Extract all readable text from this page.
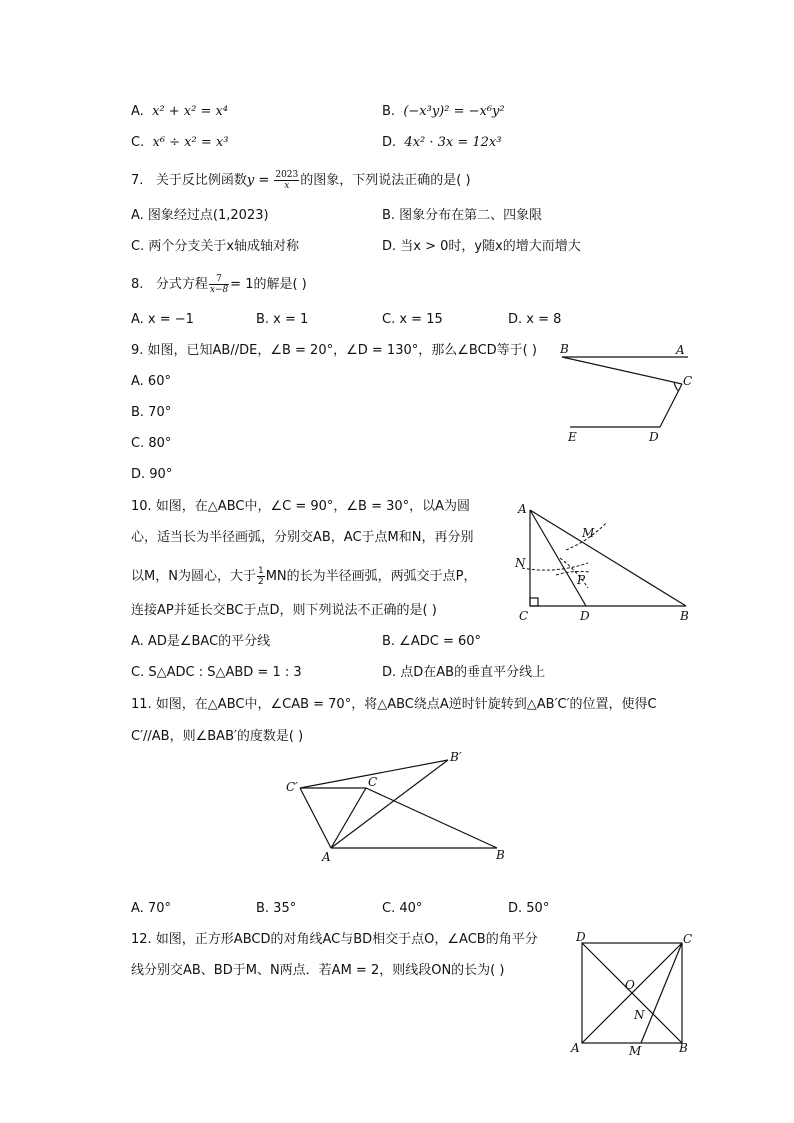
A. x² + x² = x⁴	B. (−x³y)² = −x⁶y²
C. x⁶ ÷ x² = x³	D. 4x² · 3x = 12x³
7. 关于反比例函数$y = \frac{2023}{x}$ 的图象，下列说法正确的是( )
A. 图象经过点(1,2023)	B. 图象分布在第二、四象限
C. 两个分支关于x轴成轴对称	D. 当x > 0时，y随x的增大而增大
8. 分式方程 $\frac{7}{x-8} = 1$的解是( )
A. x = −1	B. x = 1	C. x = 15	D. x = 8
9. 如图，已知AB//DE，∠B = 20°，∠D = 130°，那么∠BCD等于( )
A. 60°
B. 70°
C. 80°
D. 90°
B	A
C
E	D
10. 如图，在△ABC中，∠C = 90°，∠B = 30°，以A为圆
心，适当长为半径画弧，分别交AB，AC于点M和N，再分别
以M，N为圆心，大于 $\frac{1}{2}$ MN的长为半径画弧，两弧交于点P，
连接AP并延长交BC于点D，则下列说法不正确的是( )
A. AD是∠BAC的平分线	B. ∠ADC = 60°
C. S△ADC : S△ABD = 1 : 3	D. 点D在AB的垂直平分线上
A
M
N
P
C	D	B
11. 如图，在△ABC中，∠CAB = 70°，将△ABC绕点A逆时针旋转到△AB′C′的位置，使得C
C′//AB，则∠BAB′的度数是( )
C′	C
B′
A	B
A. 70°	B. 35°	C. 40°	D. 50°
12. 如图，正方形ABCD的对角线AC与BD相交于点O，∠ACB的角平分
线分别交AB、BD于M、N两点．若AM = 2，则线段ON的长为( )
D	C
O
N
A	M	B
